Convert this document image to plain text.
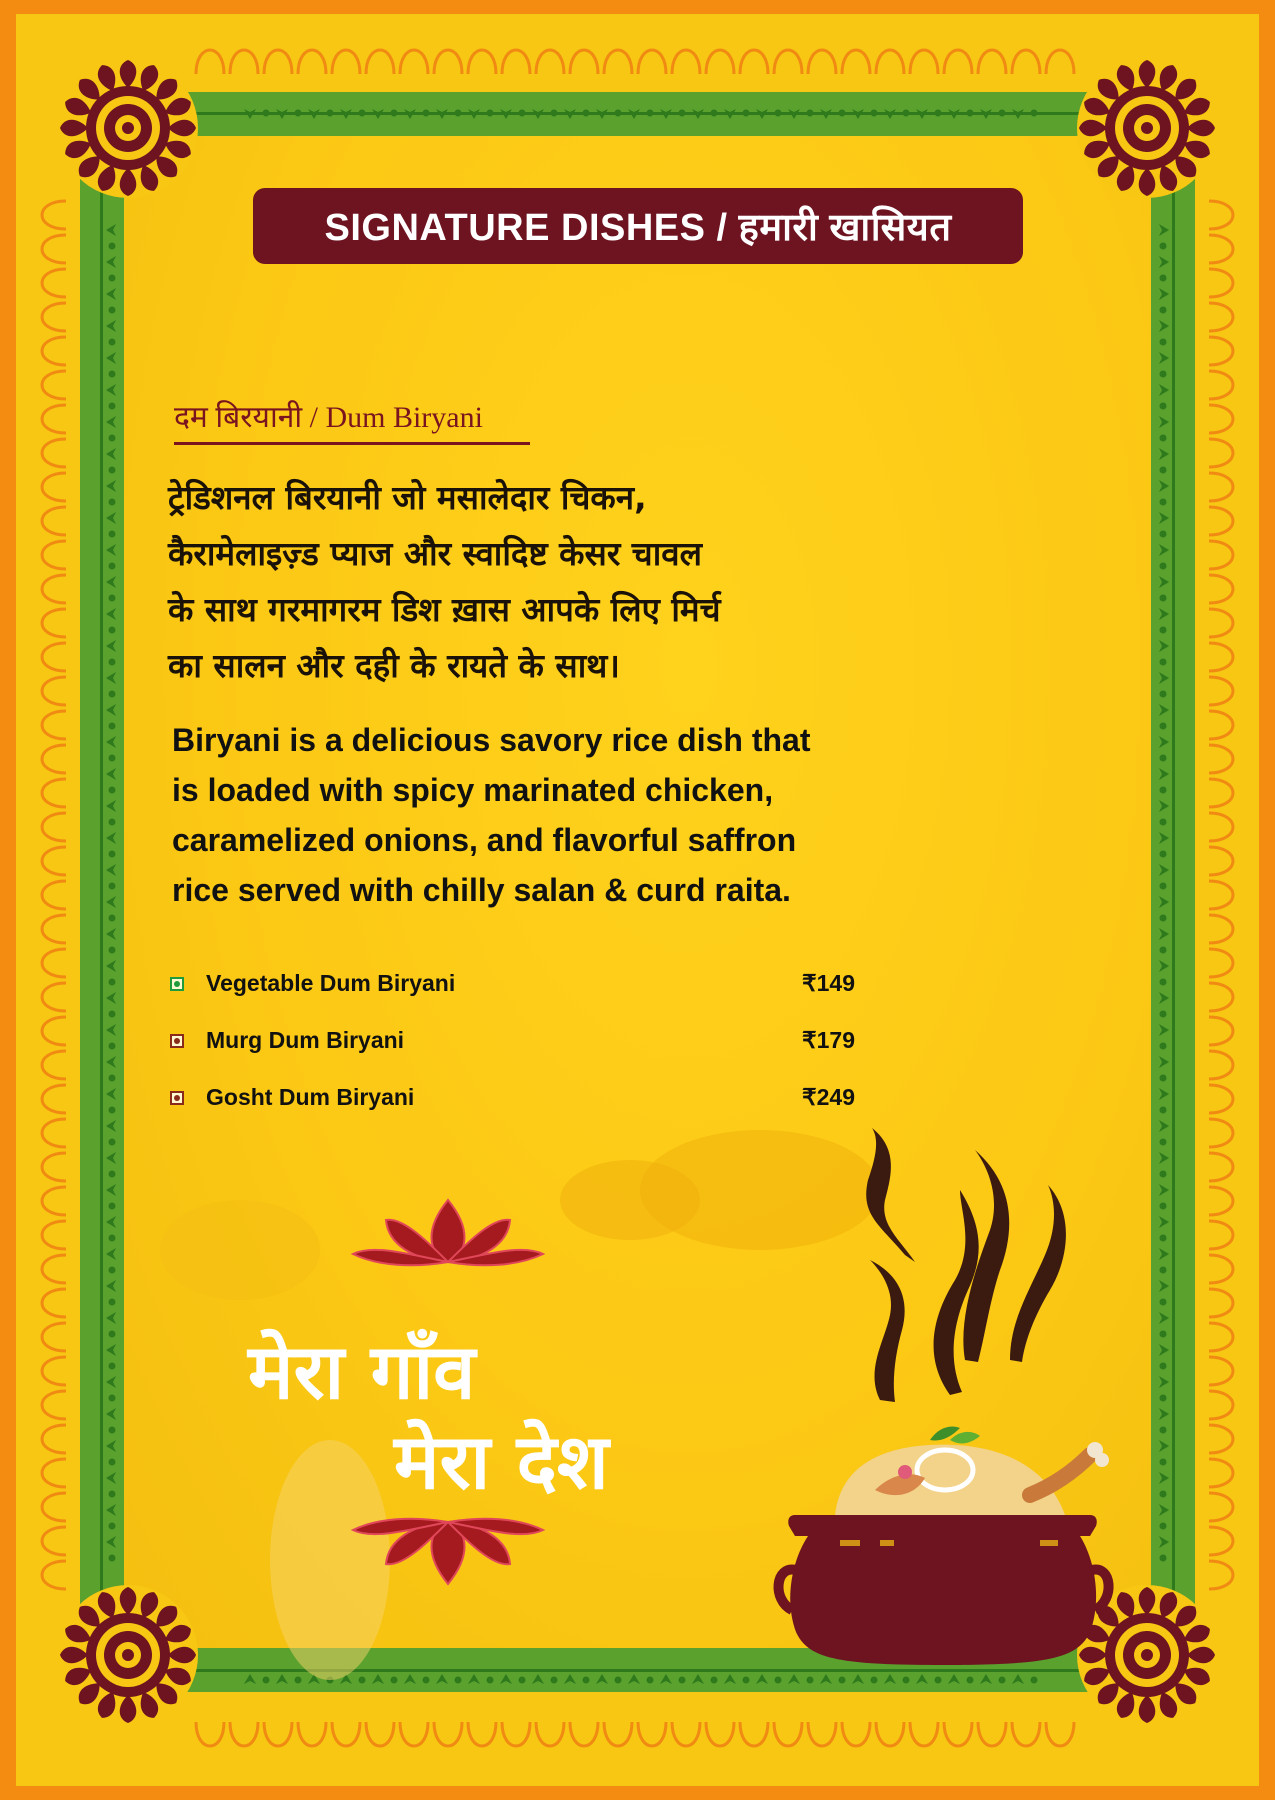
SIGNATURE DISHES / हमारी खासियत
दम बिरयानी / Dum Biryani
ट्रेडिशनल बिरयानी जो मसालेदार चिकन,
कैरामेलाइज़्ड प्याज और स्वादिष्ट केसर चावल
के साथ गरमागरम डिश ख़ास आपके लिए मिर्च
का सालन और दही के रायते के साथ।
Biryani is a delicious savory rice dish that
is loaded with spicy marinated chicken,
caramelized onions, and flavorful saffron
rice served with chilly salan & curd raita.
Vegetable Dum Biryani	₹149
Murg Dum Biryani	₹179
Gosht Dum Biryani	₹249
मेरा गाँव
मेरा देश
